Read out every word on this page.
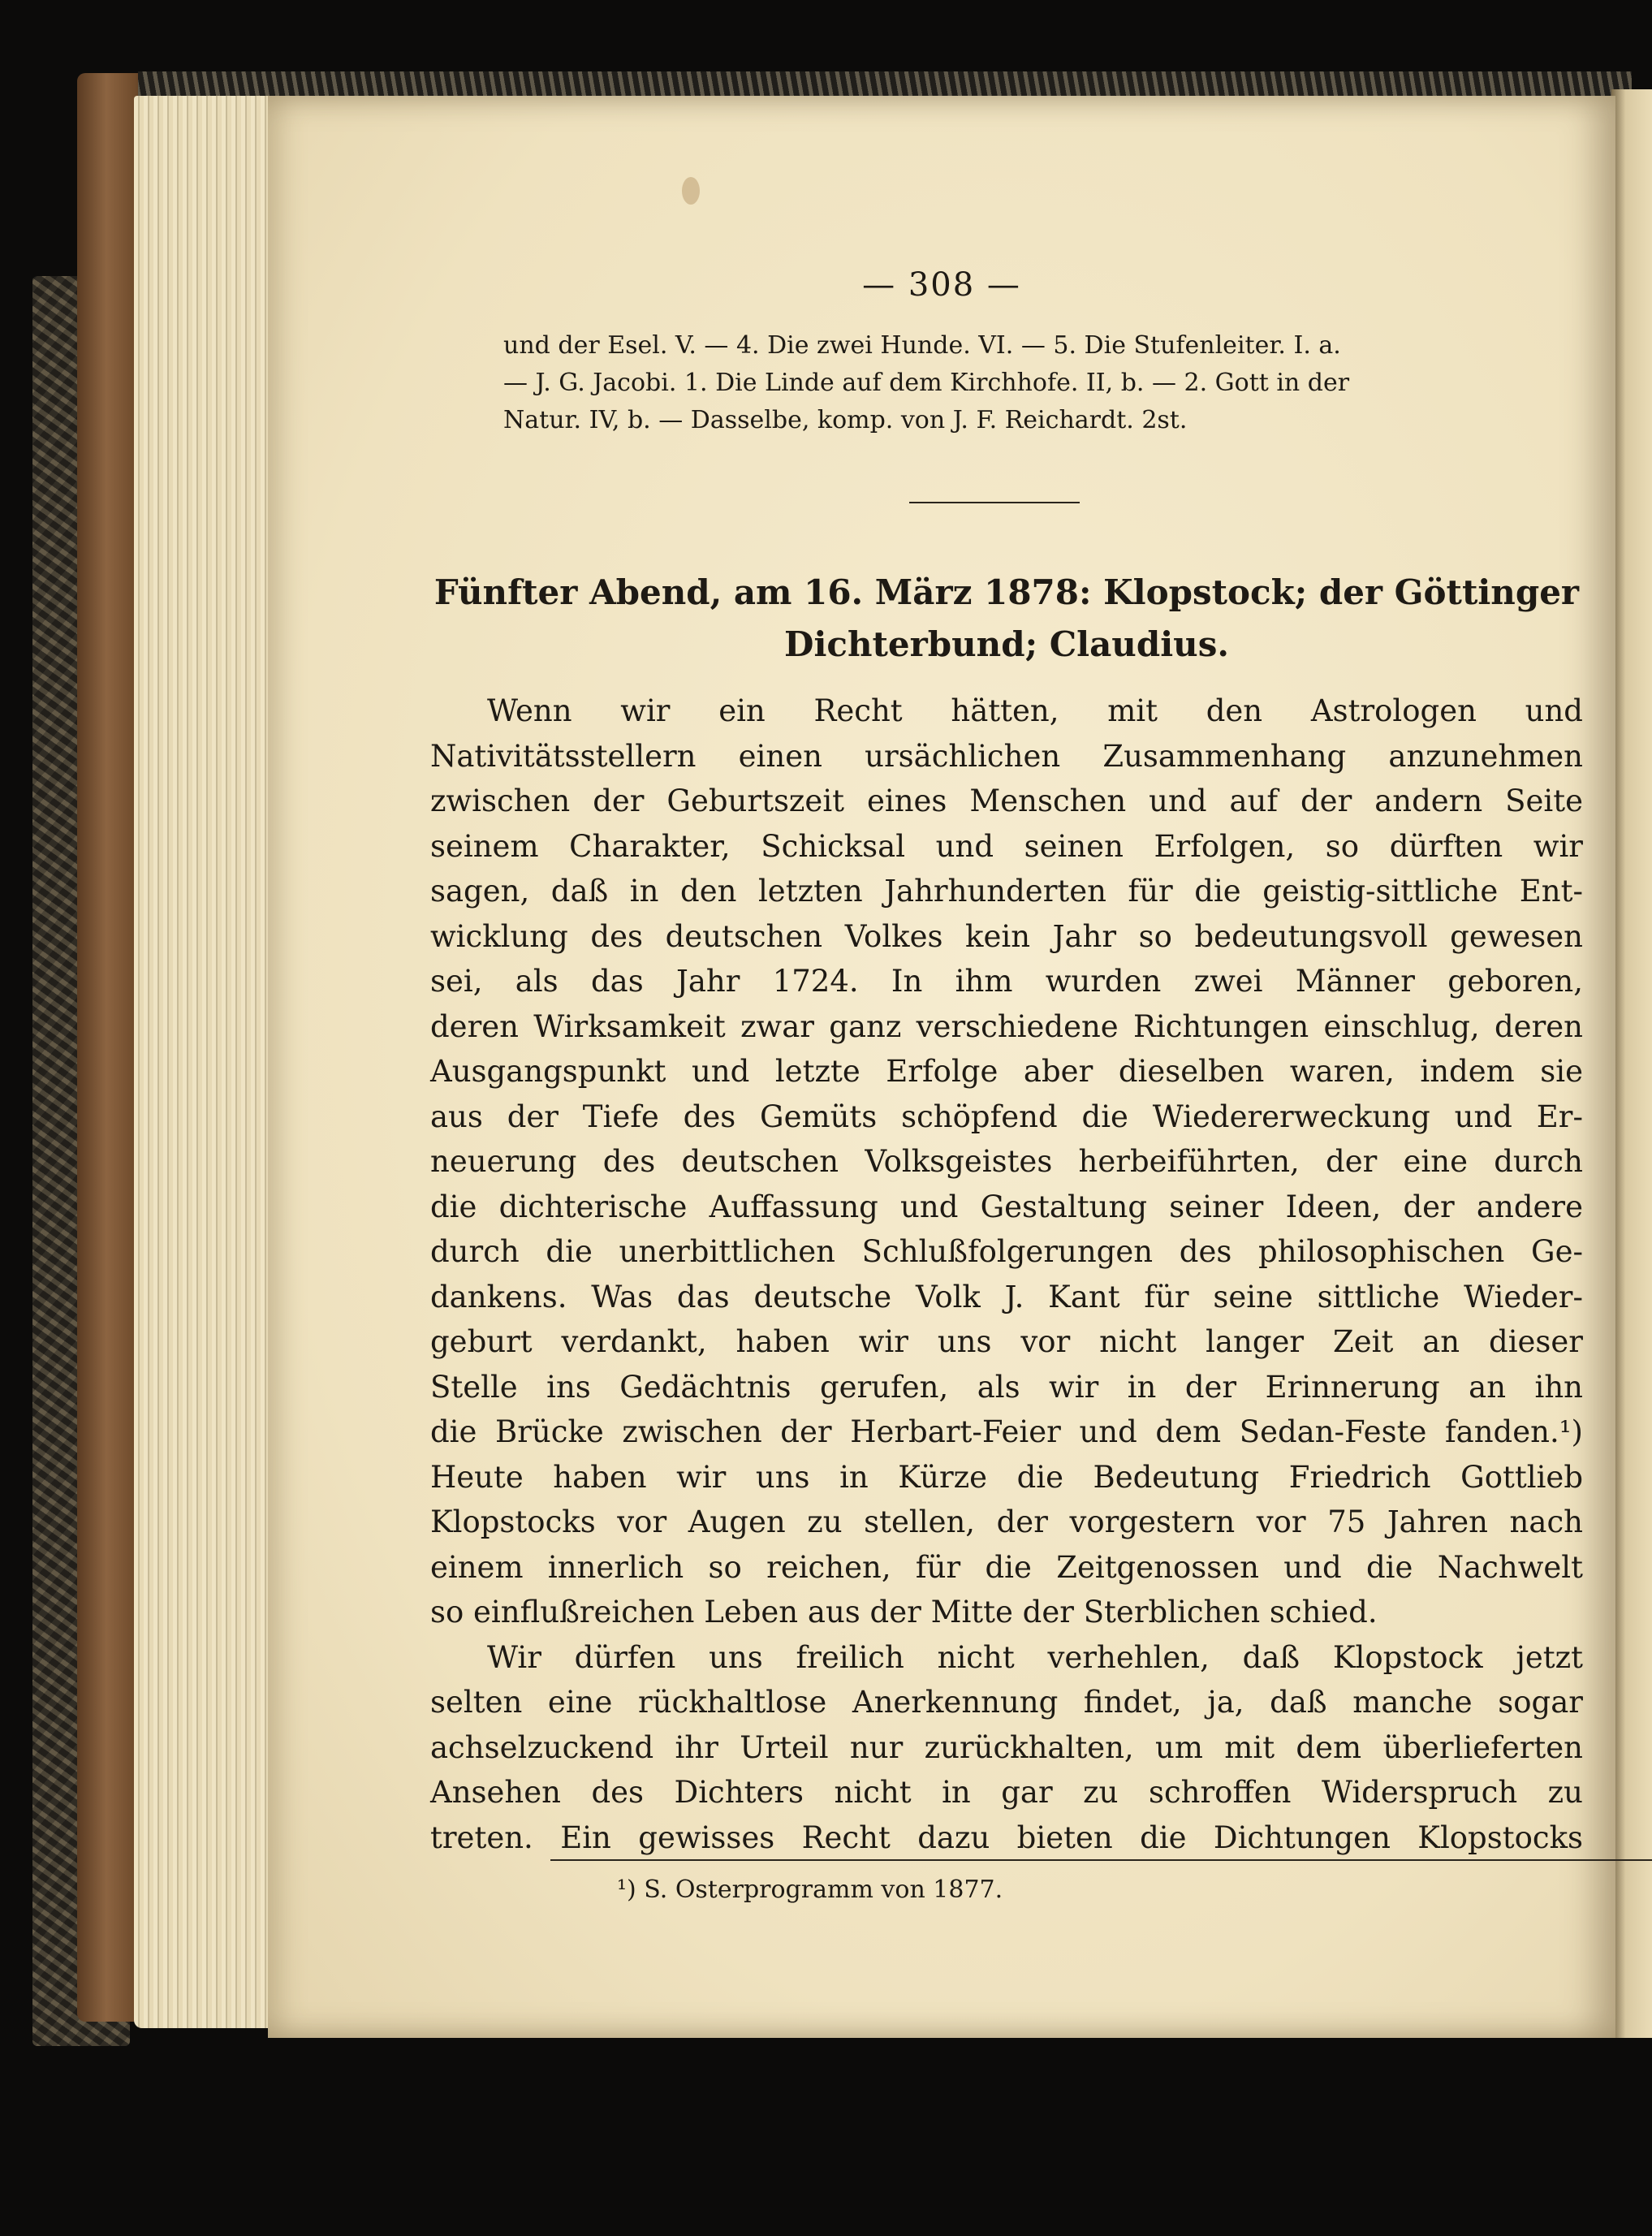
— 308 —
und der Esel. V. — 4. Die zwei Hunde. VI. — 5. Die Stufenleiter. I. a.
— J. G. Jacobi. 1. Die Linde auf dem Kirchhofe. II, b. — 2. Gott in der
Natur. IV, b. — Dasselbe, komp. von J. F. Reichardt. 2st.
Fünfter Abend, am 16. März 1878: Klopstock; der Göttinger
Dichterbund; Claudius.
Wenn wir ein Recht hätten, mit den Astrologen und
Nativitätsstellern einen ursächlichen Zusammenhang anzunehmen
zwischen der Geburtszeit eines Menschen und auf der andern Seite
seinem Charakter, Schicksal und seinen Erfolgen, so dürften wir
sagen, daß in den letzten Jahrhunderten für die geistig-sittliche Ent-
wicklung des deutschen Volkes kein Jahr so bedeutungsvoll gewesen
sei, als das Jahr 1724. In ihm wurden zwei Männer geboren,
deren Wirksamkeit zwar ganz verschiedene Richtungen einschlug, deren
Ausgangspunkt und letzte Erfolge aber dieselben waren, indem sie
aus der Tiefe des Gemüts schöpfend die Wiedererweckung und Er-
neuerung des deutschen Volksgeistes herbeiführten, der eine durch
die dichterische Auffassung und Gestaltung seiner Ideen, der andere
durch die unerbittlichen Schlußfolgerungen des philosophischen Ge-
dankens. Was das deutsche Volk J. Kant für seine sittliche Wieder-
geburt verdankt, haben wir uns vor nicht langer Zeit an dieser
Stelle ins Gedächtnis gerufen, als wir in der Erinnerung an ihn
die Brücke zwischen der Herbart-Feier und dem Sedan-Feste fanden.¹)
Heute haben wir uns in Kürze die Bedeutung Friedrich Gottlieb
Klopstocks vor Augen zu stellen, der vorgestern vor 75 Jahren nach
einem innerlich so reichen, für die Zeitgenossen und die Nachwelt
so einflußreichen Leben aus der Mitte der Sterblichen schied.
Wir dürfen uns freilich nicht verhehlen, daß Klopstock jetzt
selten eine rückhaltlose Anerkennung findet, ja, daß manche sogar
achselzuckend ihr Urteil nur zurückhalten, um mit dem überlieferten
Ansehen des Dichters nicht in gar zu schroffen Widerspruch zu
treten. Ein gewisses Recht dazu bieten die Dichtungen Klopstocks
¹) S. Osterprogramm von 1877.
